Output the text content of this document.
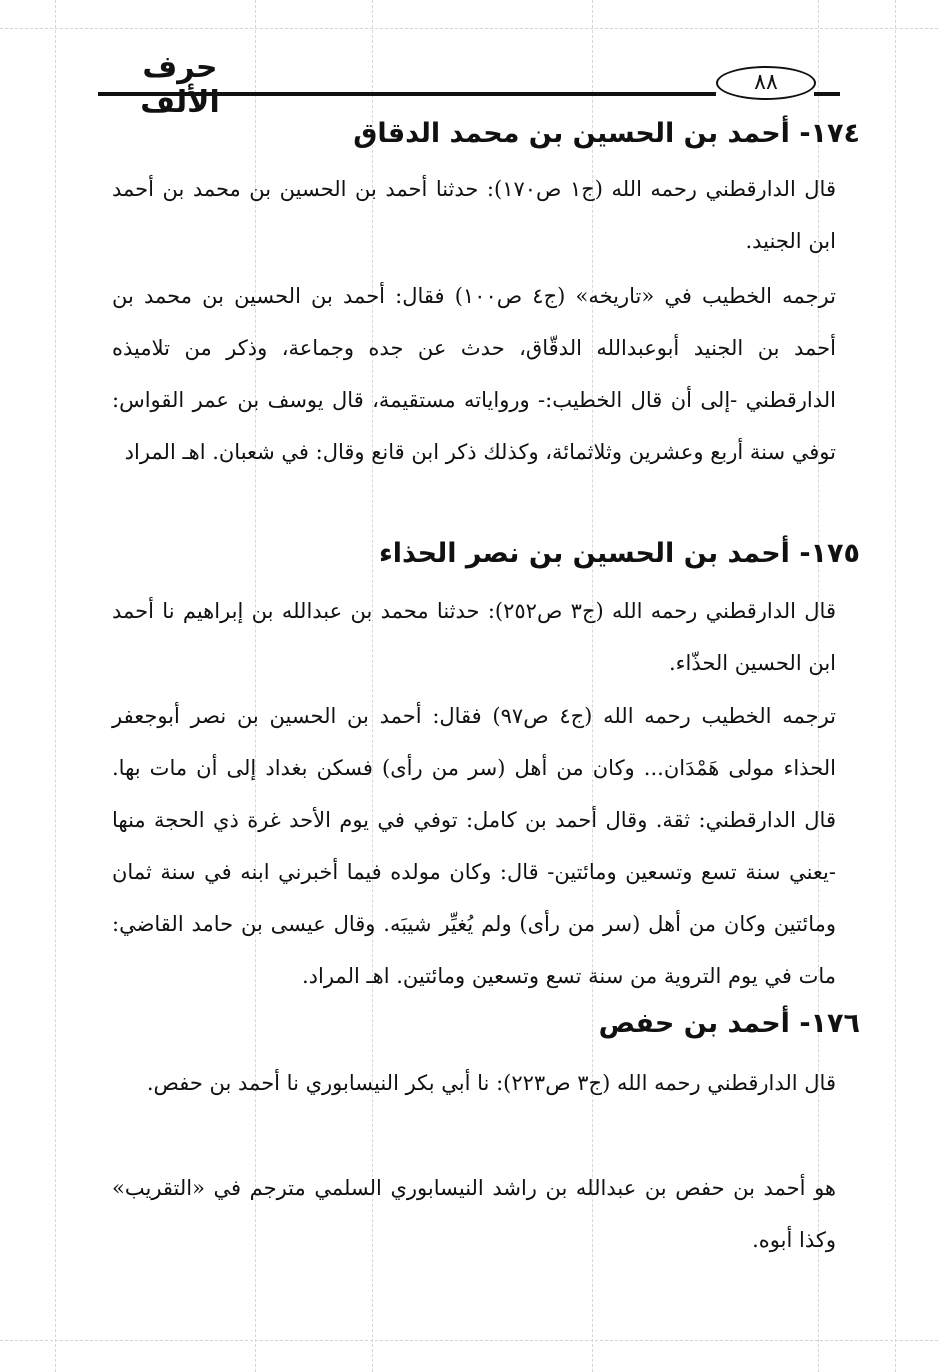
حرف الألف
٨٨
١٧٤- أحمد بن الحسين بن محمد الدقاق
قال الدارقطني رحمه الله (ج١ ص١٧٠): حدثنا أحمد بن الحسين بن محمد بن أحمد ابن الجنيد.
ترجمه الخطيب في «تاريخه» (ج٤ ص١٠٠) فقال: أحمد بن الحسين بن محمد بن أحمد بن الجنيد أبوعبدالله الدقّاق، حدث عن جده وجماعة، وذكر من تلاميذه الدارقطني -إلى أن قال الخطيب:- ورواياته مستقيمة، قال يوسف بن عمر القواس: توفي سنة أربع وعشرين وثلاثمائة، وكذلك ذكر ابن قانع وقال: في شعبان. اهـ المراد
١٧٥- أحمد بن الحسين بن نصر الحذاء
قال الدارقطني رحمه الله (ج٣ ص٢٥٢): حدثنا محمد بن عبدالله بن إبراهيم نا أحمد ابن الحسين الحذّاء.
ترجمه الخطيب رحمه الله (ج٤ ص٩٧) فقال: أحمد بن الحسين بن نصر أبوجعفر الحذاء مولى هَمْدَان... وكان من أهل (سر من رأى) فسكن بغداد إلى أن مات بها. قال الدارقطني: ثقة. وقال أحمد بن كامل: توفي في يوم الأحد غرة ذي الحجة منها -يعني سنة تسع وتسعين ومائتين- قال: وكان مولده فيما أخبرني ابنه في سنة ثمان ومائتين وكان من أهل (سر من رأى) ولم يُغيِّر شيبَه. وقال عيسى بن حامد القاضي: مات في يوم التروية من سنة تسع وتسعين ومائتين. اهـ المراد.
١٧٦- أحمد بن حفص
قال الدارقطني رحمه الله (ج٣ ص٢٢٣): نا أبي بكر النيسابوري نا أحمد بن حفص.
هو أحمد بن حفص بن عبدالله بن راشد النيسابوري السلمي مترجم في «التقريب» وكذا أبوه.
